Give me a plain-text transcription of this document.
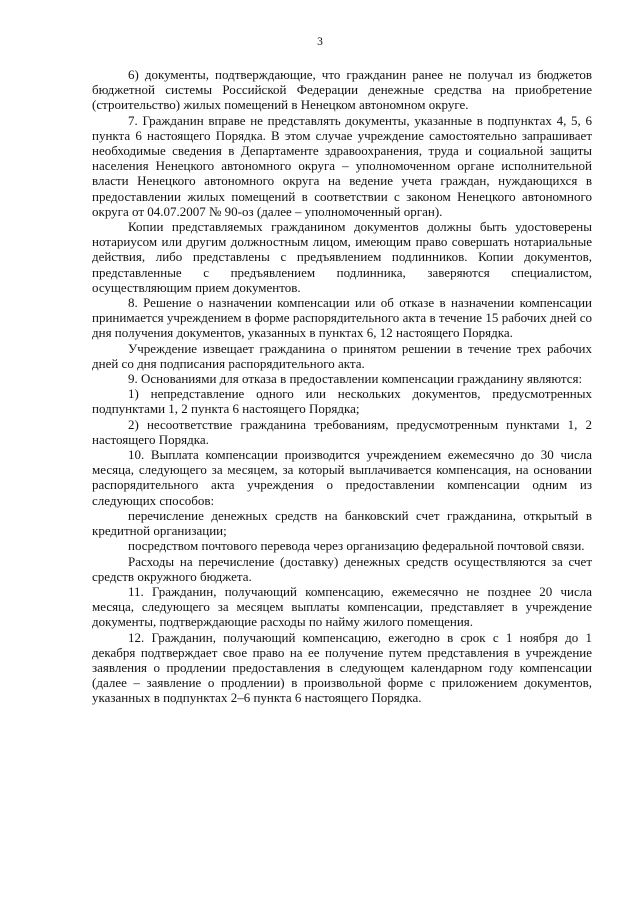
3

6) документы, подтверждающие, что гражданин ранее не получал из бюджетов бюджетной системы Российской Федерации денежные средства на приобретение (строительство) жилых помещений в Ненецком автономном округе.

7. Гражданин вправе не представлять документы, указанные в подпунктах 4, 5, 6 пункта 6 настоящего Порядка. В этом случае учреждение самостоятельно запрашивает необходимые сведения в Департаменте здравоохранения, труда и социальной защиты населения Ненецкого автономного округа – уполномоченном органе исполнительной власти Ненецкого автономного округа на ведение учета граждан, нуждающихся в предоставлении жилых помещений в соответствии с законом Ненецкого автономного округа от 04.07.2007 № 90-оз (далее – уполномоченный орган).

Копии представляемых гражданином документов должны быть удостоверены нотариусом или другим должностным лицом, имеющим право совершать нотариальные действия, либо представлены с предъявлением подлинников. Копии документов, представленные с предъявлением подлинника, заверяются специалистом, осуществляющим прием документов.

8. Решение о назначении компенсации или об отказе в назначении компенсации принимается учреждением в форме распорядительного акта в течение 15 рабочих дней со дня получения документов, указанных в пунктах 6, 12 настоящего Порядка.

Учреждение извещает гражданина о принятом решении в течение трех рабочих дней со дня подписания распорядительного акта.

9. Основаниями для отказа в предоставлении компенсации гражданину являются:

1) непредставление одного или нескольких документов, предусмотренных подпунктами 1, 2 пункта 6 настоящего Порядка;

2) несоответствие гражданина требованиям, предусмотренным пунктами 1, 2 настоящего Порядка.

10. Выплата компенсации производится учреждением ежемесячно до 30 числа месяца, следующего за месяцем, за который выплачивается компенсация, на основании распорядительного акта учреждения о предоставлении компенсации одним из следующих способов:

перечисление денежных средств на банковский счет гражданина, открытый в кредитной организации;

посредством почтового перевода через организацию федеральной почтовой связи.

Расходы на перечисление (доставку) денежных средств осуществляются за счет средств окружного бюджета.

11. Гражданин, получающий компенсацию, ежемесячно не позднее 20 числа месяца, следующего за месяцем выплаты компенсации, представляет в учреждение документы, подтверждающие расходы по найму жилого помещения.

12. Гражданин, получающий компенсацию, ежегодно в срок с 1 ноября до 1 декабря подтверждает свое право на ее получение путем представления в учреждение заявления о продлении предоставления в следующем календарном году компенсации (далее – заявление о продлении) в произвольной форме с приложением документов, указанных в подпунктах 2–6 пункта 6 настоящего Порядка.
